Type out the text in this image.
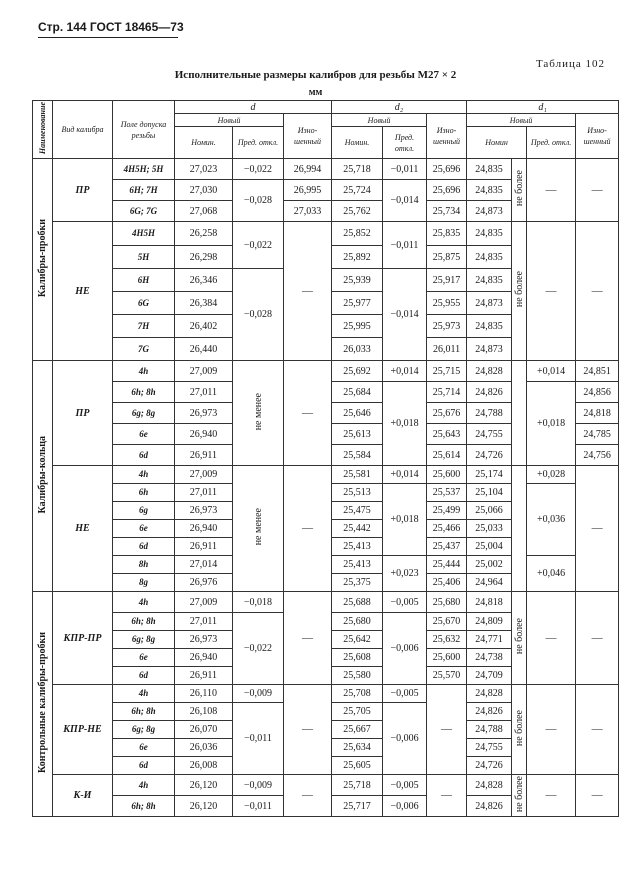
Стр. 144 ГОСТ 18465—73
Таблица 102
Исполнительные размеры калибров для резьбы М27 × 2
мм
Наименование	Вид калибра	Поле допуска резьбы	d			d₂			d₁			
			Новый		Изно-шенный	Новый		Изно-шенный	Новый			Изно-шенный
			Номин.	Пред. откл.		Номин.	Пред. откл.		Номин		Пред. откл.	
Калибры-пробки	ПР	4H5H; 5H	27,023	−0,022	26,994	25,718	−0,011	25,696	24,835	не более	—	—
		6H; 7H	27,030	−0,028	26,995	25,724	−0,014	25,696	24,835			
		6G; 7G	27,068		27,033	25,762		25,734	24,873			
	НЕ	4H5H	26,258	−0,022	—	25,852	−0,011	25,835	24,835	не более	—	—
		5H	26,298			25,892		25,875	24,835			
		6H	26,346	−0,028		25,939	−0,014	25,917	24,835			
		6G	26,384			25,977		25,955	24,873			
		7H	26,402			25,995		25,973	24,835			
		7G	26,440			26,033		26,011	24,873			
Калибры-кольца	ПР	4h	27,009	не менее	—	25,692	+0,014	25,715	24,828		+0,014	24,851
		6h; 8h	27,011			25,684	+0,018	25,714	24,826		+0,018	24,856
		6g; 8g	26,973			25,646		25,676	24,788			24,818
		6e	26,940			25,613		25,643	24,755			24,785
		6d	26,911			25,584		25,614	24,726			24,756
	НЕ	4h	27,009	не менее	—	25,581	+0,014	25,600	25,174		+0,028	—
		6h	27,011			25,513	+0,018	25,537	25,104		+0,036	
		6g	26,973			25,475		25,499	25,066			
		6e	26,940			25,442		25,466	25,033			
		6d	26,911			25,413		25,437	25,004			
		8h	27,014			25,413	+0,023	25,444	25,002		+0,046	
		8g	26,976			25,375		25,406	24,964			
Контрольные калибры-пробки	КПР-ПР	4h	27,009	−0,018	—	25,688	−0,005	25,680	24,818	не более	—	—
		6h; 8h	27,011	−0,022		25,680	−0,006	25,670	24,809			
		6g; 8g	26,973			25,642		25,632	24,771			
		6e	26,940			25,608		25,600	24,738			
		6d	26,911			25,580		25,570	24,709			
	КПР-НЕ	4h	26,110	−0,009	—	25,708	−0,005	—	24,828	не более	—	—
		6h; 8h	26,108	−0,011		25,705	−0,006		24,826			
		6g; 8g	26,070			25,667			24,788			
		6e	26,036			25,634			24,755			
		6d	26,008			25,605			24,726			
	К-И	4h	26,120	−0,009	—	25,718	−0,005	—	24,828	не более	—	—
		6h; 8h	26,120	−0,011		25,717	−0,006		24,826			
